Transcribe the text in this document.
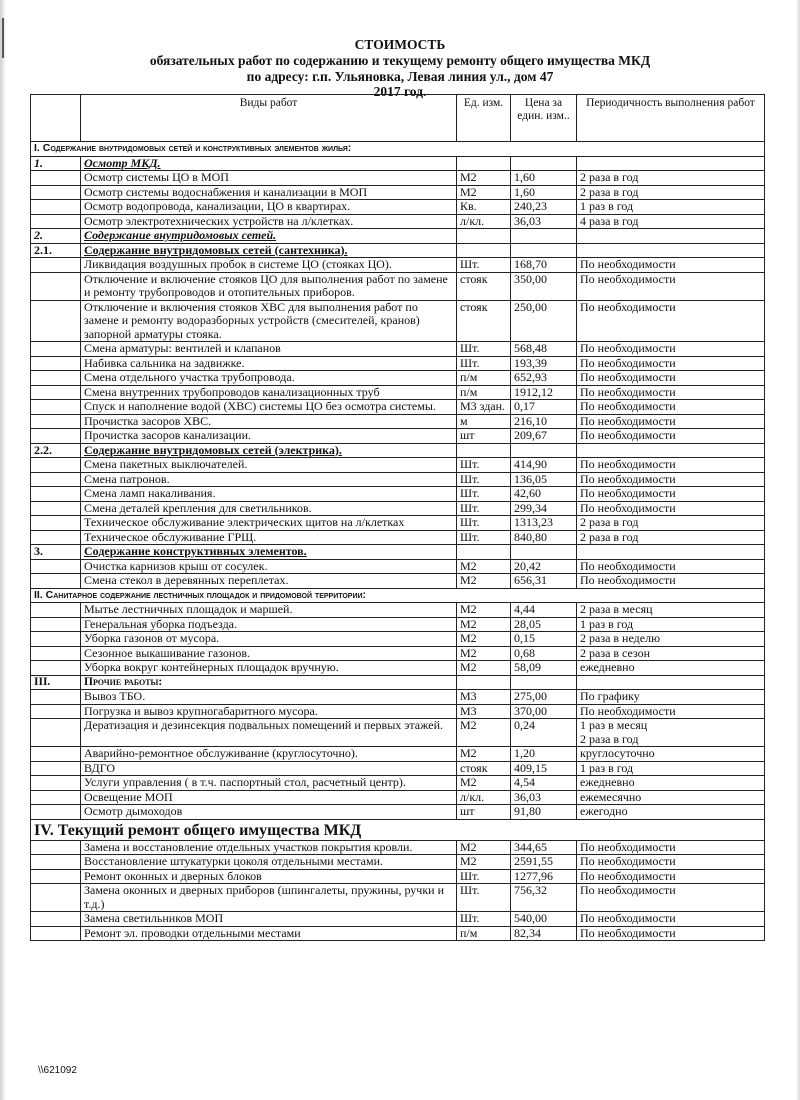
СТОИМОСТЬ
обязательных работ по содержанию и текущему ремонту общего имущества МКД
по адресу: г.п. Ульяновка, Левая линия ул., дом 47
2017 год.
	Виды работ	Ед. изм.	Цена за един. изм..	Периодичность выполнения работ
I. Содержание внутридомовых сетей и конструктивных элементов жилья:				
1.	Осмотр МКД.			
	Осмотр системы ЦО в МОП	М2	1,60	2 раза в год
	Осмотр системы водоснабжения и канализации в МОП	М2	1,60	2 раза в год
	Осмотр водопровода, канализации, ЦО в квартирах.	Кв.	240,23	1 раз в год
	Осмотр электротехнических устройств на л/клетках.	л/кл.	36,03	4 раза в год
2.	Содержание внутридомовых сетей.			
2.1.	Содержание внутридомовых сетей (сантехника).			
	Ликвидация воздушных пробок в системе ЦО (стояках ЦО).	Шт.	168,70	По необходимости
	Отключение и включение стояков ЦО для выполнения работ по замене и ремонту трубопроводов и отопительных приборов.	стояк	350,00	По необходимости
	Отключение и включения стояков ХВС для выполнения работ по замене и ремонту водоразборных устройств (смесителей, кранов) запорной арматуры стояка.	стояк	250,00	По необходимости
	Смена арматуры: вентилей и клапанов	Шт.	568,48	По необходимости
	Набивка сальника на задвижке.	Шт.	193,39	По необходимости
	Смена отдельного участка трубопровода.	п/м	652,93	По необходимости
	Смена внутренних трубопроводов канализационных труб	п/м	1912,12	По необходимости
	Спуск и наполнение водой (ХВС) системы ЦО без осмотра системы.	М3 здан.	0,17	По необходимости
	Прочистка засоров ХВС.	м	216,10	По необходимости
	Прочистка засоров канализации.	шт	209,67	По необходимости
2.2.	Содержание внутридомовых сетей (электрика).			
	Смена пакетных выключателей.	Шт.	414,90	По необходимости
	Смена патронов.	Шт.	136,05	По необходимости
	Смена ламп накаливания.	Шт.	42,60	По необходимости
	Смена деталей крепления для светильников.	Шт.	299,34	По необходимости
	Техническое обслуживание электрических щитов на л/клетках	Шт.	1313,23	2 раза в год
	Техническое обслуживание ГРЩ.	Шт.	840,80	2 раза в год
3.	Содержание конструктивных элементов.			
	Очистка карнизов крыш от сосулек.	М2	20,42	По необходимости
	Смена стекол в деревянных переплетах.	М2	656,31	По необходимости
II. Санитарное содержание лестничных площадок и придомовой территории:				
	Мытье лестничных площадок и маршей.	М2	4,44	2 раза в месяц
	Генеральная уборка подъезда.	М2	28,05	1 раз в год
	Уборка газонов от мусора.	М2	0,15	2 раза в неделю
	Сезонное выкашивание газонов.	М2	0,68	2 раза в сезон
	Уборка вокруг контейнерных площадок вручную.	М2	58,09	ежедневно
III.	Прочие работы:			
	Вывоз ТБО.	М3	275,00	По графику
	Погрузка и вывоз крупногабаритного мусора.	М3	370,00	По необходимости
	Дератизация и дезинсекция подвальных помещений и первых этажей.	М2	0,24	1 раз в месяц
2 раза в год
	Аварийно-ремонтное обслуживание (круглосуточно).	М2	1,20	круглосуточно
	ВДГО	стояк	409,15	1 раз в год
	Услуги управления ( в т.ч. паспортный стол, расчетный центр).	М2	4,54	ежедневно
	Освещение МОП	л/кл.	36,03	ежемесячно
	Осмотр дымоходов	шт	91,80	ежегодно
IV. Текущий ремонт общего имущества МКД				
	Замена и восстановление отдельных участков покрытия кровли.	М2	344,65	По необходимости
	Восстановление штукатурки цоколя отдельными местами.	М2	2591,55	По необходимости
	Ремонт оконных и дверных блоков	Шт.	1277,96	По необходимости
	Замена оконных и дверных приборов (шпингалеты, пружины, ручки и т.д.)	Шт.	756,32	По необходимости
	Замена светильников МОП	Шт.	540,00	По необходимости
	Ремонт эл. проводки отдельными местами	п/м	82,34	По необходимости
\\621092
